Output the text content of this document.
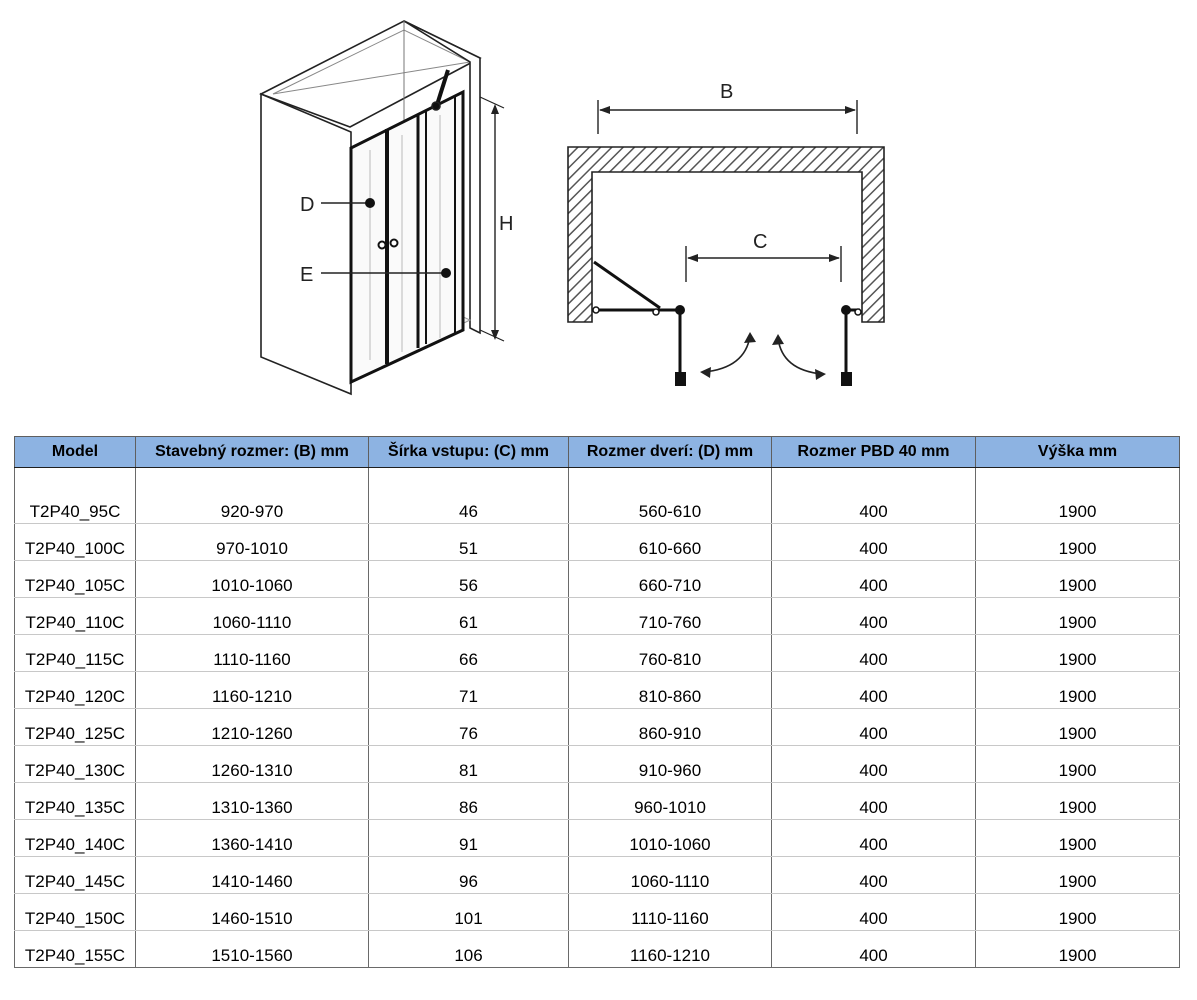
D
E
H
B
C
Model	Stavebný rozmer: (B) mm	Šírka vstupu: (C) mm	Rozmer dverí: (D) mm	Rozmer PBD 40 mm	Výška mm
T2P40_95C	920-970	46	560-610	400	1900
T2P40_100C	970-1010	51	610-660	400	1900
T2P40_105C	1010-1060	56	660-710	400	1900
T2P40_110C	1060-1110	61	710-760	400	1900
T2P40_115C	1110-1160	66	760-810	400	1900
T2P40_120C	1160-1210	71	810-860	400	1900
T2P40_125C	1210-1260	76	860-910	400	1900
T2P40_130C	1260-1310	81	910-960	400	1900
T2P40_135C	1310-1360	86	960-1010	400	1900
T2P40_140C	1360-1410	91	1010-1060	400	1900
T2P40_145C	1410-1460	96	1060-1110	400	1900
T2P40_150C	1460-1510	101	1110-1160	400	1900
T2P40_155C	1510-1560	106	1160-1210	400	1900
